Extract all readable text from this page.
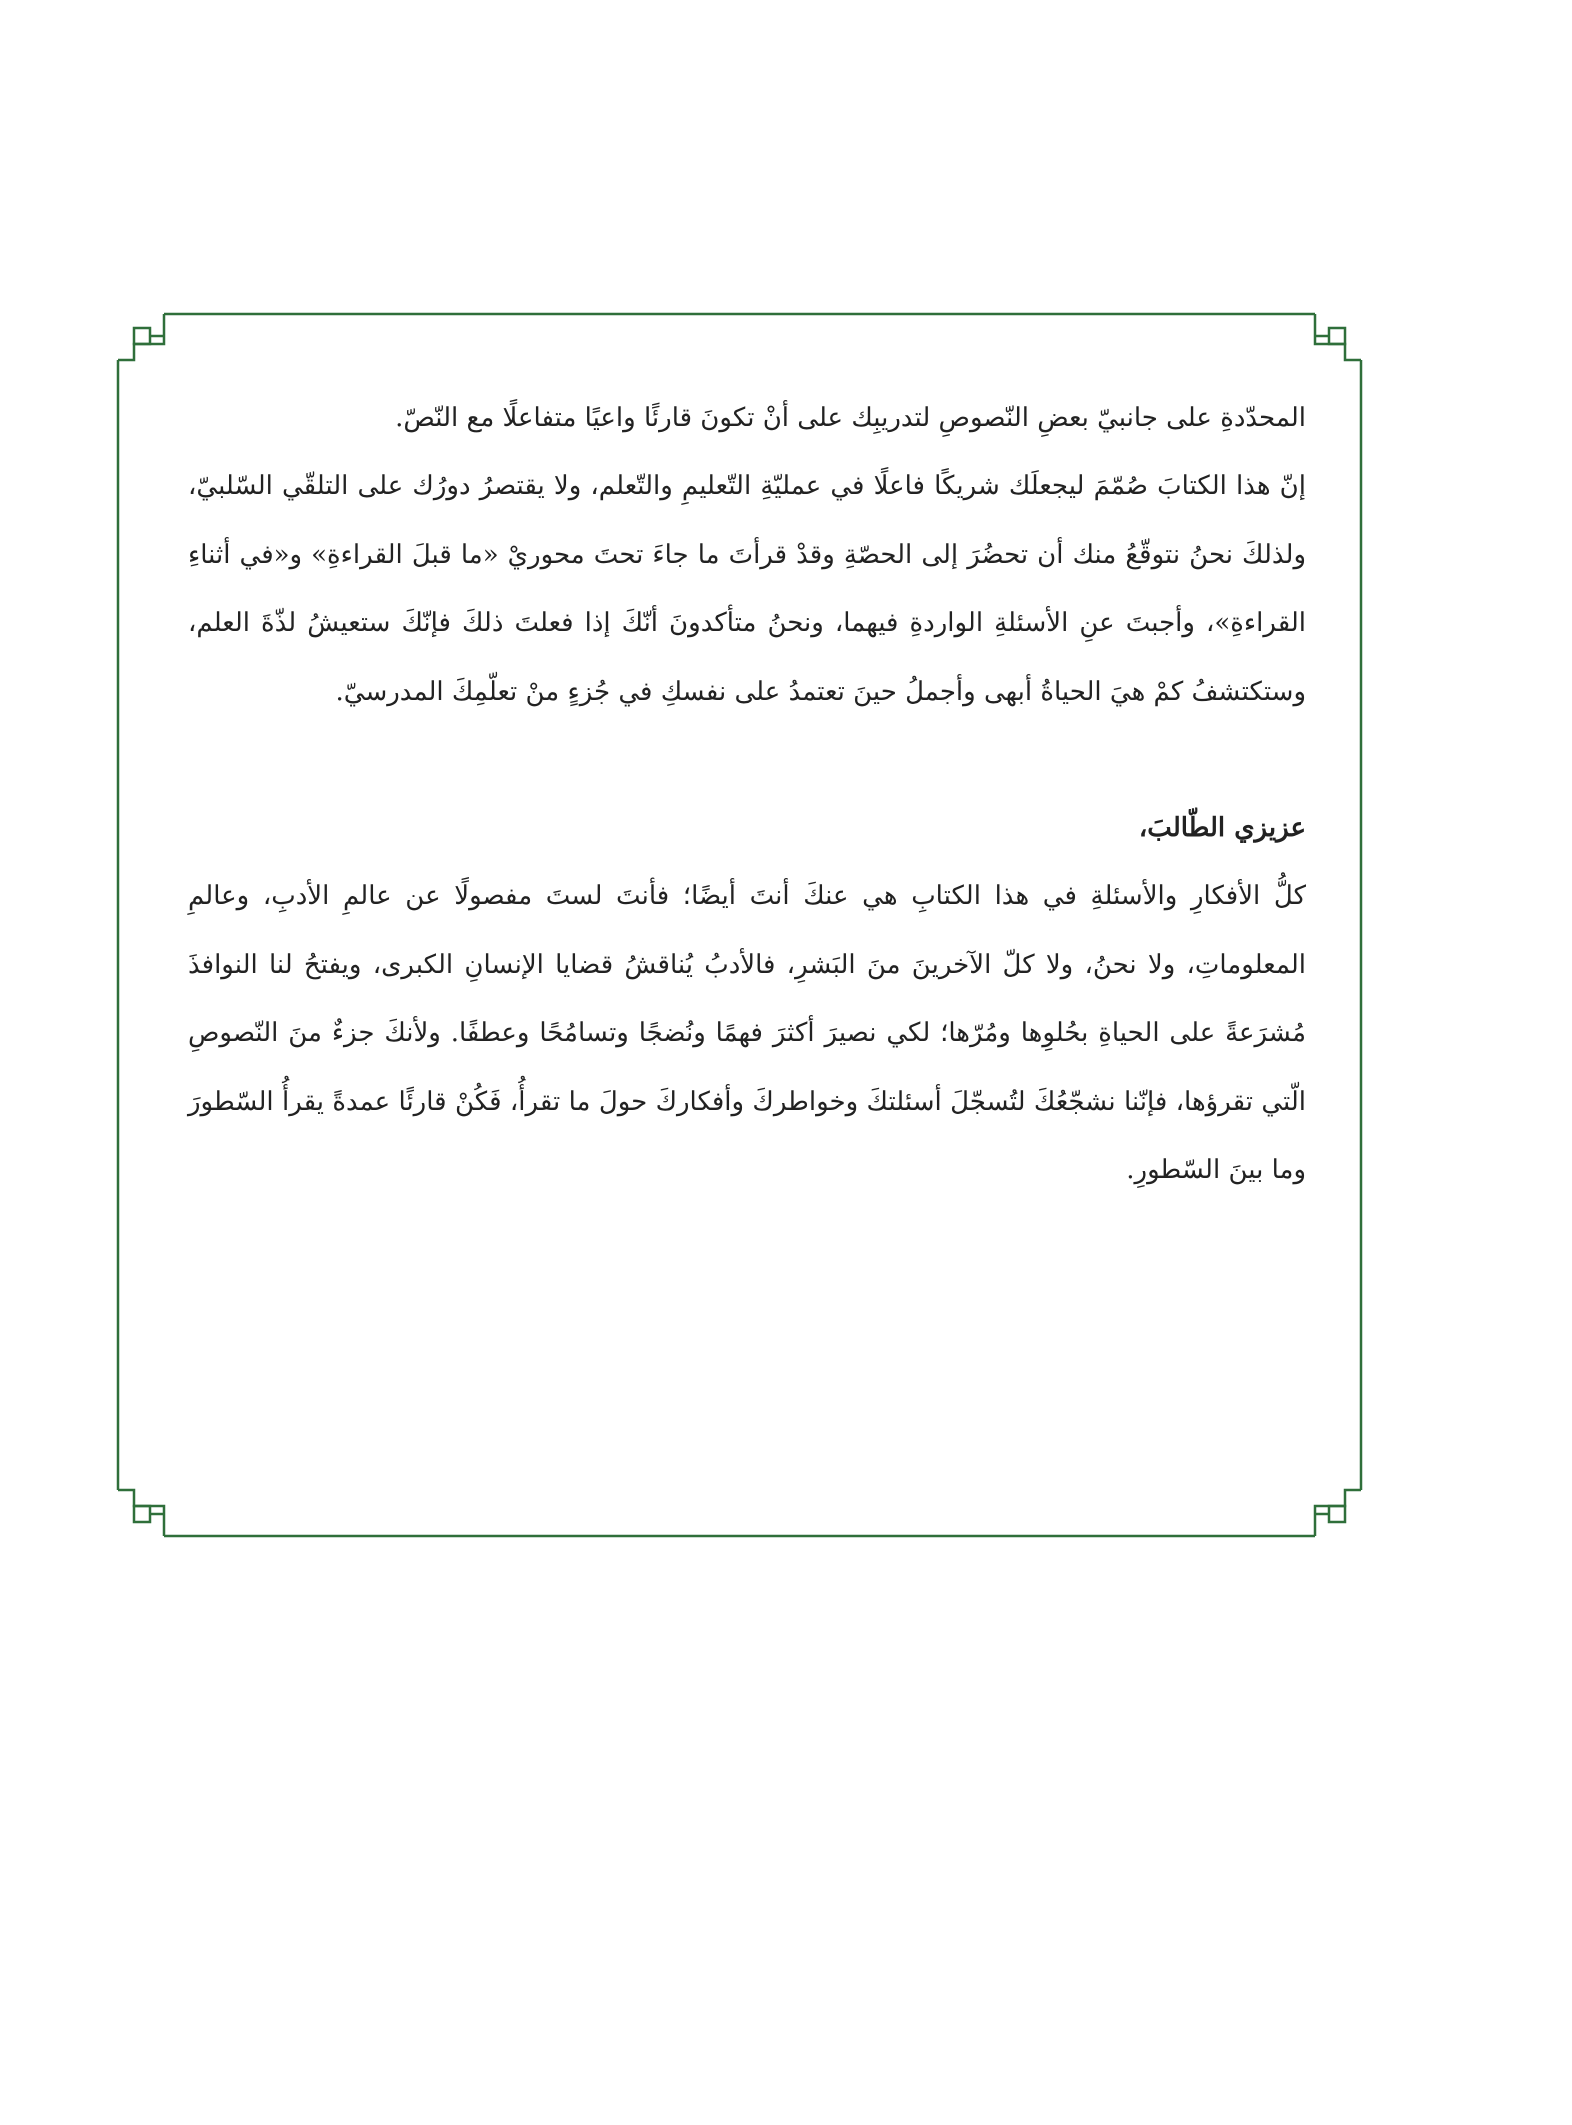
المحدّدةِ على جانبيّ بعضِ النّصوصِ لتدريبِك على أنْ تكونَ قارئًا واعيًا متفاعلًا مع النّصّ.

إنّ هذا الكتابَ صُمّمَ ليجعلَك شريكًا فاعلًا في عمليّةِ التّعليمِ والتّعلم، ولا يقتصرُ دورُك على التلقّي السّلبيّ، ولذلكَ نحنُ نتوقّعُ منك أن تحضُرَ إلى الحصّةِ وقدْ قرأتَ ما جاءَ تحتَ محوريْ «ما قبلَ القراءةِ» و«في أثناءِ القراءةِ»، وأجبتَ عنِ الأسئلةِ الواردةِ فيهما، ونحنُ متأكدونَ أنّكَ إذا فعلتَ ذلكَ فإنّكَ ستعيشُ لذّةَ العلم، وستكتشفُ كمْ هيَ الحياةُ أبهى وأجملُ حينَ تعتمدُ على نفسكِ في جُزءٍ منْ تعلّمِكَ المدرسيّ.

عزيزي الطّالبَ،

كلُّ الأفكارِ والأسئلةِ في هذا الكتابِ هي عنكَ أنتَ أيضًا؛ فأنتَ لستَ مفصولًا عن عالمِ الأدبِ، وعالمِ المعلوماتِ، ولا نحنُ، ولا كلّ الآخرينَ منَ البَشرِ، فالأدبُ يُناقشُ قضايا الإنسانِ الكبرى، ويفتحُ لنا النوافذَ مُشرَعةً على الحياةِ بحُلوِها ومُرّها؛ لكي نصيرَ أكثرَ فهمًا ونُضجًا وتسامُحًا وعطفًا. ولأنكَ جزءٌ منَ النّصوصِ الّتي تقرؤها، فإنّنا نشجّعُكَ لتُسجّلَ أسئلتكَ وخواطركَ وأفكاركَ حولَ ما تقرأُ، فَكُنْ قارئًا عمدةً يقرأُ السّطورَ وما بينَ السّطورِ.
